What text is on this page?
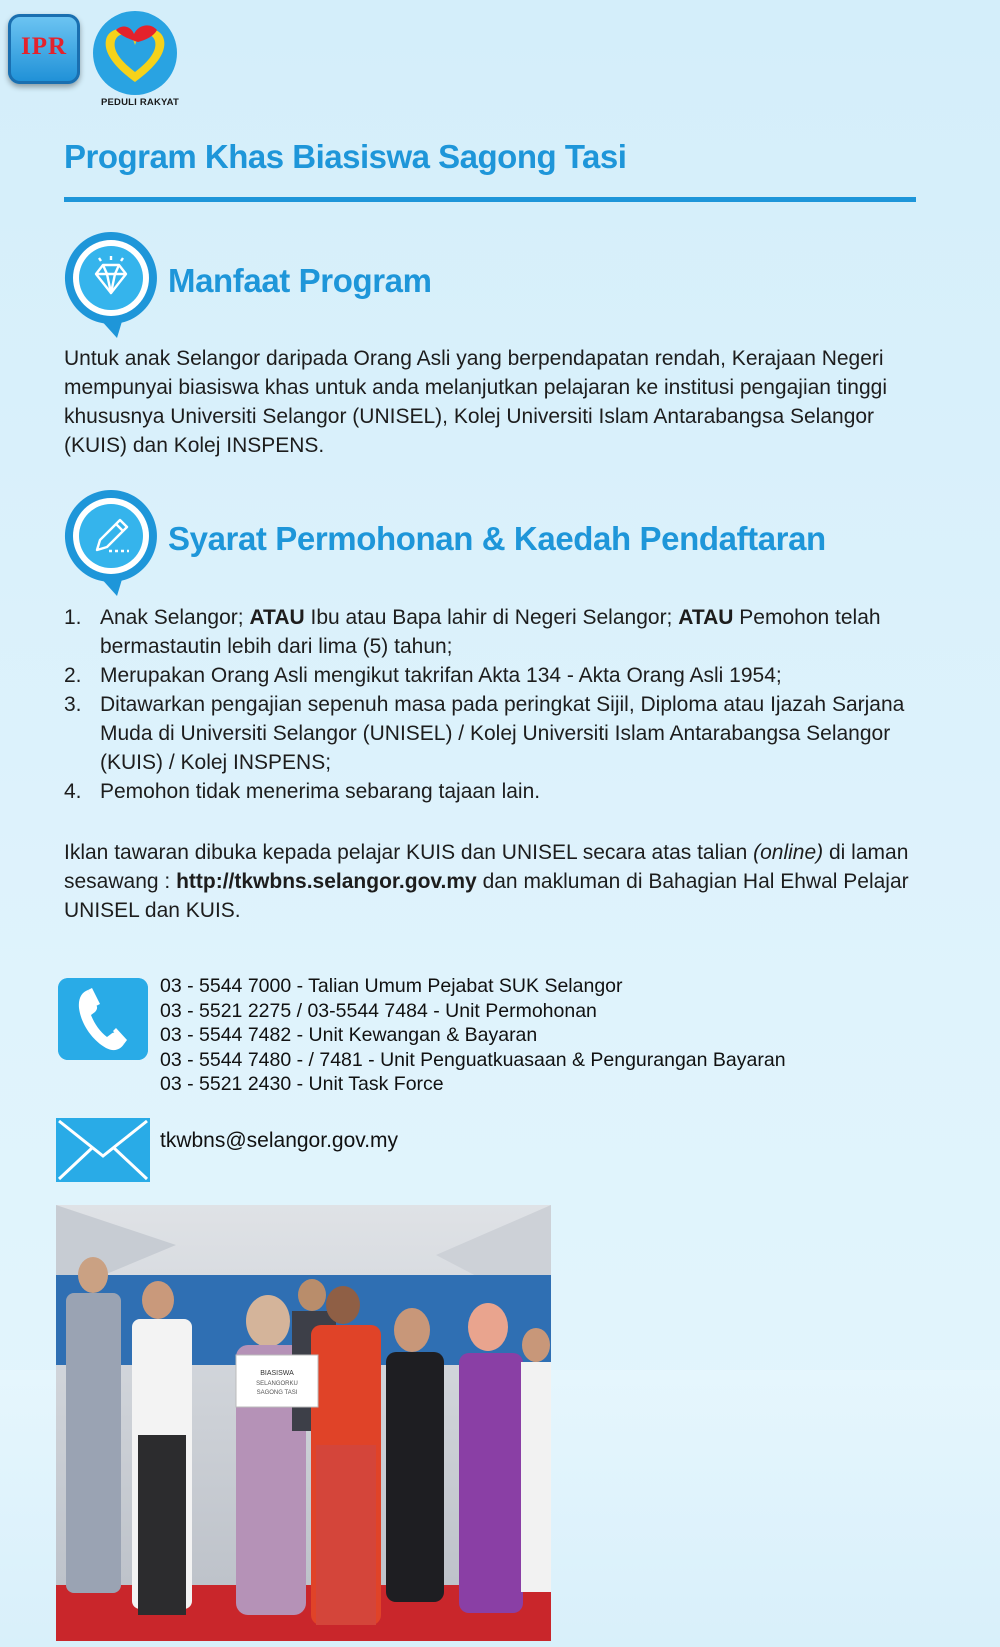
IPR
PEDULI RAKYAT
Program Khas Biasiswa Sagong Tasi
Manfaat Program
Untuk anak Selangor daripada Orang Asli yang berpendapatan rendah, Kerajaan Negeri mempunyai biasiswa khas untuk anda melanjutkan pelajaran ke institusi pengajian tinggi khususnya Universiti Selangor (UNISEL), Kolej Universiti Islam Antarabangsa Selangor (KUIS) dan Kolej INSPENS.
Syarat Permohonan & Kaedah Pendaftaran
1. Anak Selangor; ATAU Ibu atau Bapa lahir di Negeri Selangor; ATAU Pemohon telah bermastautin lebih dari lima (5) tahun;
2. Merupakan Orang Asli mengikut takrifan Akta 134 - Akta Orang Asli 1954;
3. Ditawarkan pengajian sepenuh masa pada peringkat Sijil, Diploma atau Ijazah Sarjana Muda di Universiti Selangor (UNISEL) / Kolej Universiti Islam Antarabangsa Selangor (KUIS) / Kolej INSPENS;
4. Pemohon tidak menerima sebarang tajaan lain.
Iklan tawaran dibuka kepada pelajar KUIS dan UNISEL secara atas talian (online) di laman sesawang : http://tkwbns.selangor.gov.my dan makluman di Bahagian Hal Ehwal Pelajar UNISEL dan KUIS.
03 - 5544 7000 - Talian Umum Pejabat SUK Selangor
03 - 5521 2275 / 03-5544 7484 - Unit Permohonan
03 - 5544 7482 - Unit Kewangan & Bayaran
03 - 5544 7480 - / 7481 - Unit Penguatkuasaan & Pengurangan Bayaran
03 - 5521 2430 - Unit Task Force
tkwbns@selangor.gov.my
BIASISWA
SELANGORKU
SAGONG TASI
